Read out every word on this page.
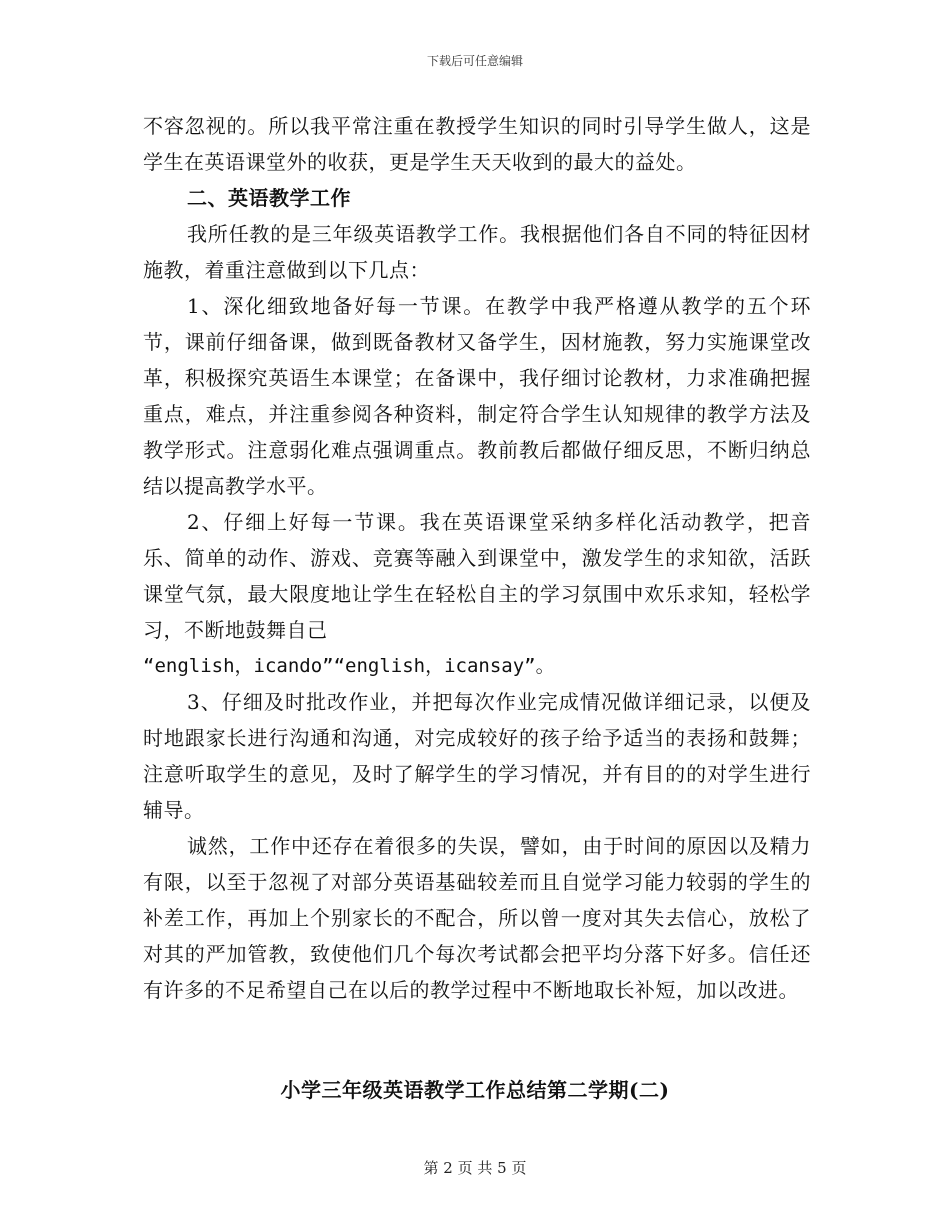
下载后可任意编辑

不容忽视的。所以我平常注重在教授学生知识的同时引导学生做人，这是学生在英语课堂外的收获，更是学生天天收到的最大的益处。

二、英语教学工作

我所任教的是三年级英语教学工作。我根据他们各自不同的特征因材施教，着重注意做到以下几点：

1、深化细致地备好每一节课。在教学中我严格遵从教学的五个环节，课前仔细备课，做到既备教材又备学生，因材施教，努力实施课堂改革，积极探究英语生本课堂；在备课中，我仔细讨论教材，力求准确把握重点，难点，并注重参阅各种资料，制定符合学生认知规律的教学方法及教学形式。注意弱化难点强调重点。教前教后都做仔细反思，不断归纳总结以提高教学水平。

2、仔细上好每一节课。我在英语课堂采纳多样化活动教学，把音乐、简单的动作、游戏、竞赛等融入到课堂中，激发学生的求知欲，活跃课堂气氛，最大限度地让学生在轻松自主的学习氛围中欢乐求知，轻松学习，不断地鼓舞自己

“english，icando”“english，icansay”。

3、仔细及时批改作业，并把每次作业完成情况做详细记录，以便及时地跟家长进行沟通和沟通，对完成较好的孩子给予适当的表扬和鼓舞；注意听取学生的意见，及时了解学生的学习情况，并有目的的对学生进行辅导。

诚然，工作中还存在着很多的失误，譬如，由于时间的原因以及精力有限，以至于忽视了对部分英语基础较差而且自觉学习能力较弱的学生的补差工作，再加上个别家长的不配合，所以曾一度对其失去信心，放松了对其的严加管教，致使他们几个每次考试都会把平均分落下好多。信任还有许多的不足希望自己在以后的教学过程中不断地取长补短，加以改进。

小学三年级英语教学工作总结第二学期(二)
第 2 页 共 5 页
